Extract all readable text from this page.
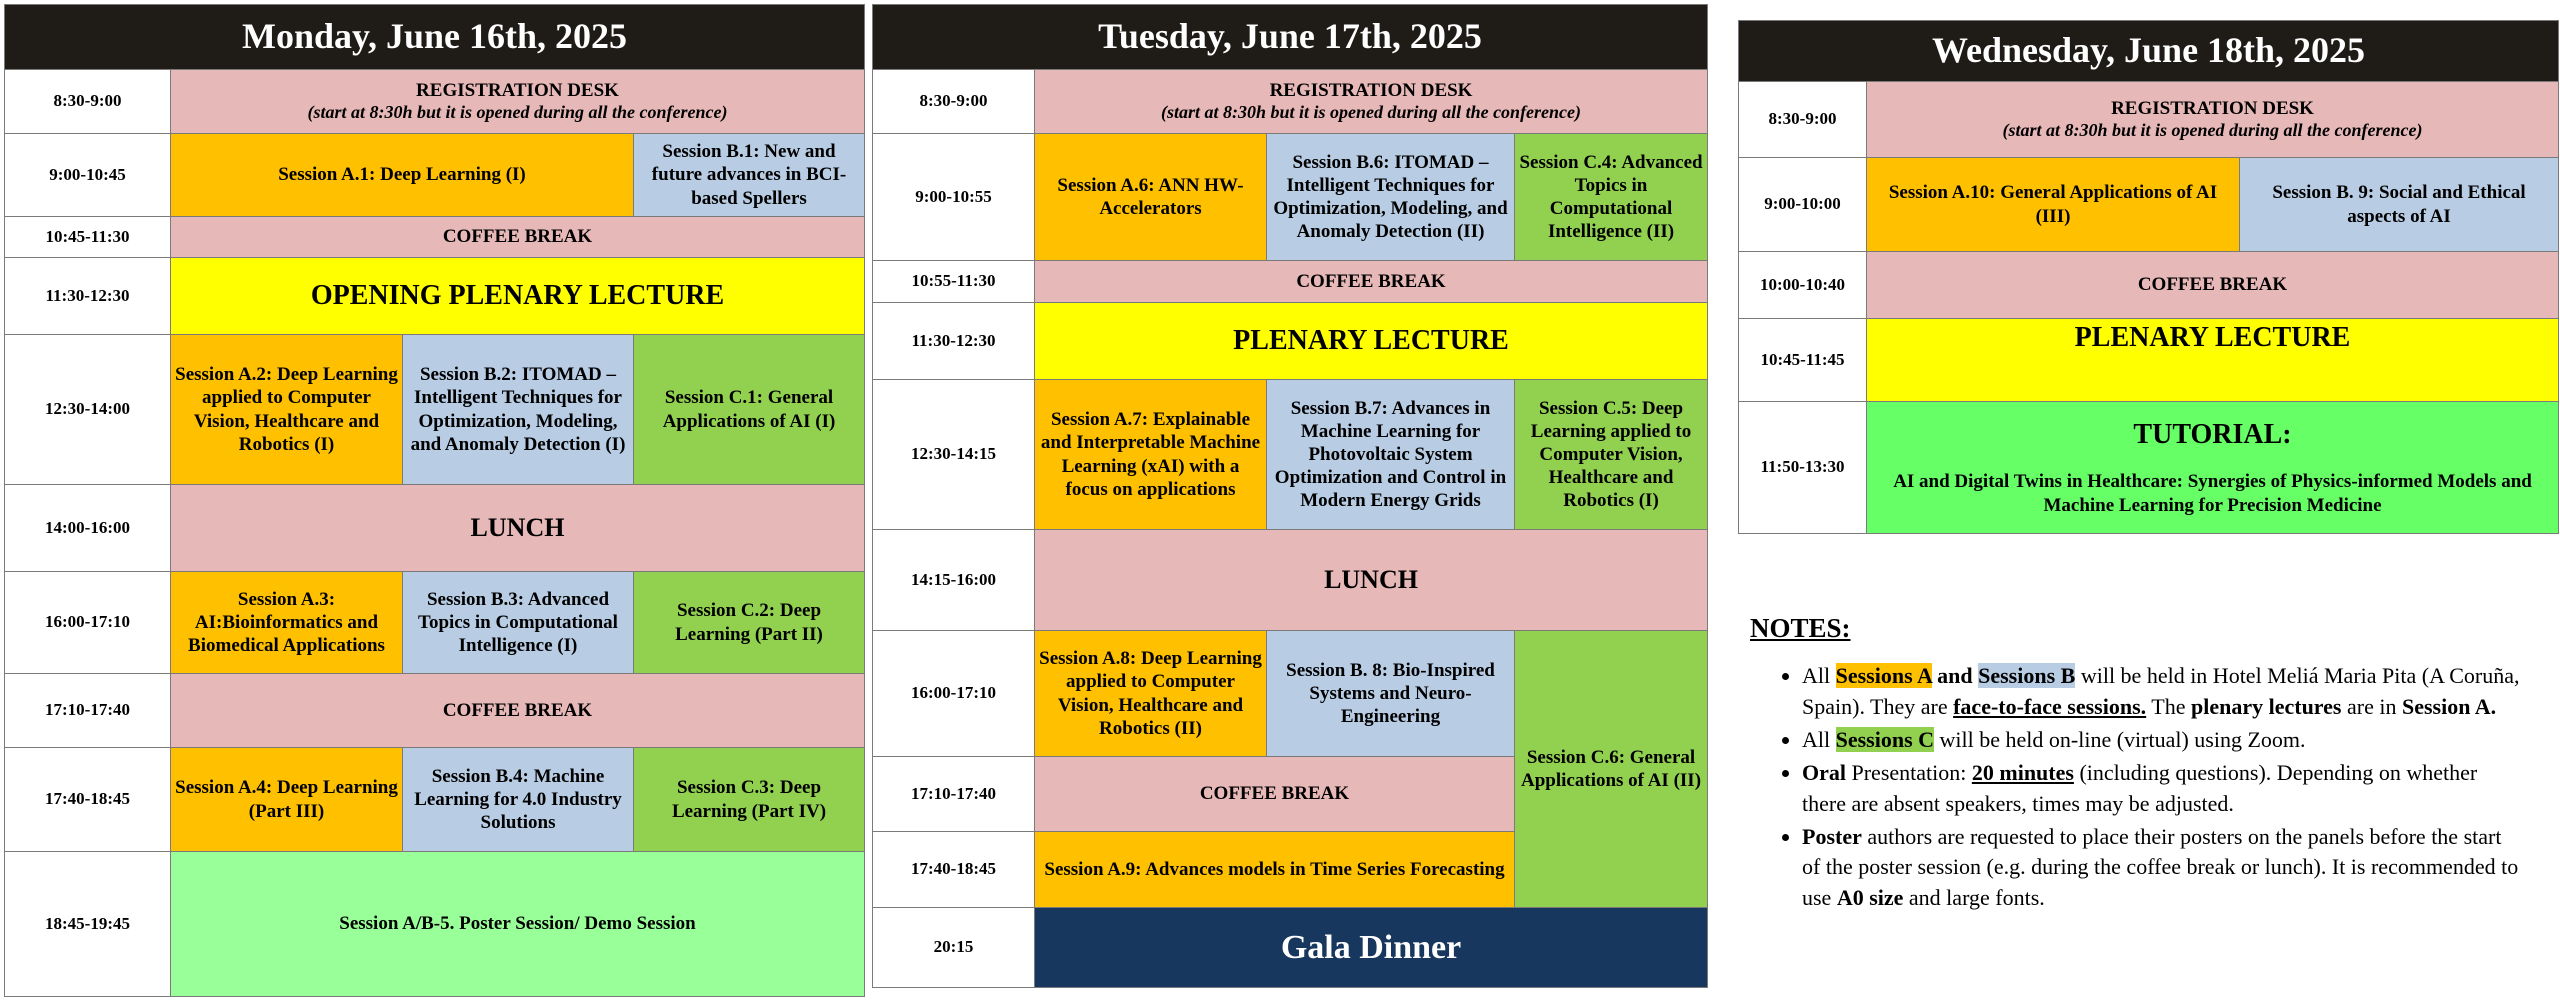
Monday, June 16th, 2025			
8:30-9:00	REGISTRATION DESK
(start at 8:30h but it is opened during all the conference)		

9:00-10:45	Session A.1: Deep Learning (I)		Session B.1: New and future advances in BCI-based Spellers
10:45-11:30	COFFEE BREAK		
11:30-12:30	OPENING PLENARY LECTURE		
12:30-14:00	Session A.2: Deep Learning applied to Computer Vision, Healthcare and Robotics (I)	Session B.2: ITOMAD – Intelligent Techniques for Optimization, Modeling, and Anomaly Detection (I)	Session C.1: General Applications of AI (I)
14:00-16:00	LUNCH		
16:00-17:10	Session A.3: AI:Bioinformatics and Biomedical Applications	Session B.3: Advanced Topics in Computational Intelligence (I)	Session C.2: Deep Learning (Part II)
17:10-17:40	COFFEE BREAK		
17:40-18:45	Session A.4: Deep Learning (Part III)	Session B.4: Machine Learning for 4.0 Industry Solutions	Session C.3: Deep Learning (Part IV)
18:45-19:45	Session A/B-5. Poster Session/ Demo Session		
Tuesday, June 17th, 2025			
8:30-9:00	REGISTRATION DESK
(start at 8:30h but it is opened during all the conference)		

9:00-10:55	Session A.6: ANN HW-Accelerators	Session B.6: ITOMAD – Intelligent Techniques for Optimization, Modeling, and Anomaly Detection (II)	Session C.4: Advanced Topics in Computational Intelligence (II)
10:55-11:30	COFFEE BREAK		
11:30-12:30	PLENARY LECTURE		
12:30-14:15	Session A.7: Explainable and Interpretable Machine Learning (xAI) with a focus on applications	Session B.7: Advances in Machine Learning for Photovoltaic System Optimization and Control in Modern Energy Grids	Session C.5: Deep Learning applied to Computer Vision, Healthcare and Robotics (I)
14:15-16:00	LUNCH		
16:00-17:10	Session A.8: Deep Learning applied to Computer Vision, Healthcare and Robotics (II)	Session B. 8: Bio-Inspired Systems and Neuro-Engineering	Session C.6: General Applications of AI (II)
17:10-17:40	COFFEE BREAK		
17:40-18:45	Session A.9: Advances models in Time Series Forecasting		
20:15	Gala Dinner		
Wednesday, June 18th, 2025		
8:30-9:00	REGISTRATION DESK
(start at 8:30h but it is opened during all the conference)	

9:00-10:00	Session A.10: General Applications of AI (III)	Session B. 9: Social and Ethical aspects of AI
10:00-10:40	COFFEE BREAK	
10:45-11:45	PLENARY LECTURE	
11:50-13:30	TUTORIAL:
AI and Digital Twins in Healthcare: Synergies of Physics-informed Models and Machine Learning for Precision Medicine	
NOTES:
• All Sessions A and Sessions B will be held in Hotel Meliá Maria Pita (A Coruña, Spain). They are face-to-face sessions. The plenary lectures are in Session A.
• All Sessions C will be held on-line (virtual) using Zoom.
• Oral Presentation: 20 minutes (including questions). Depending on whether there are absent speakers, times may be adjusted.
• Poster authors are requested to place their posters on the panels before the start of the poster session (e.g. during the coffee break or lunch). It is recommended to use A0 size and large fonts.
